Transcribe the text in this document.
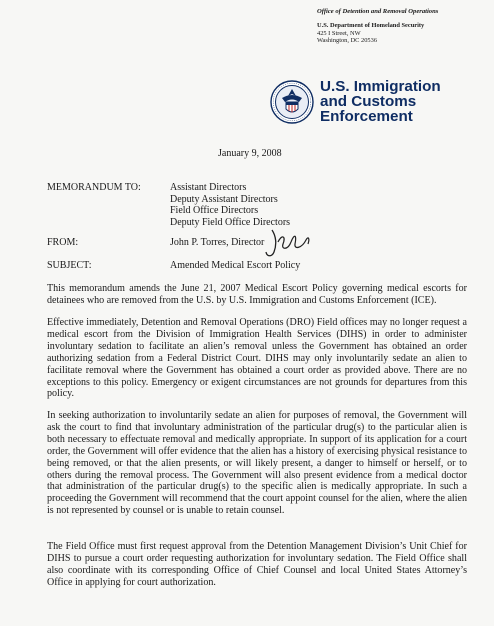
Office of Detention and Removal Operations
U.S. Department of Homeland Security
425 I Street, NW
Washington, DC 20536
U.S. Immigration
and Customs
Enforcement
January 9, 2008
MEMORANDUM TO:	Assistant Directors
Deputy Assistant Directors
Field Office Directors
Deputy Field Office Directors
FROM:	John P. Torres, Director
SUBJECT:	Amended Medical Escort Policy

This memorandum amends the June 21, 2007 Medical Escort Policy governing medical escorts for detainees who are removed from the U.S. by U.S. Immigration and Customs Enforcement (ICE).

Effective immediately, Detention and Removal Operations (DRO) Field offices may no longer request a medical escort from the Division of Immigration Health Services (DIHS) in order to administer involuntary sedation to facilitate an alien’s removal unless the Government has obtained an order authorizing sedation from a Federal District Court. DIHS may only involuntarily sedate an alien to facilitate removal where the Government has obtained a court order as provided above. There are no exceptions to this policy. Emergency or exigent circumstances are not grounds for departures from this policy.

In seeking authorization to involuntarily sedate an alien for purposes of removal, the Government will ask the court to find that involuntary administration of the particular drug(s) to the particular alien is both necessary to effectuate removal and medically appropriate. In support of its application for a court order, the Government will offer evidence that the alien has a history of exercising physical resistance to being removed, or that the alien presents, or will likely present, a danger to himself or herself, or to others during the removal process. The Government will also present evidence from a medical doctor that administration of the particular drug(s) to the specific alien is medically appropriate. In such a proceeding the Government will recommend that the court appoint counsel for the alien, where the alien is not represented by counsel or is unable to retain counsel.

The Field Office must first request approval from the Detention Management Division’s Unit Chief for DIHS to pursue a court order requesting authorization for involuntary sedation. The Field Office shall also coordinate with its corresponding Office of Chief Counsel and local United States Attorney’s Office in applying for court authorization.
